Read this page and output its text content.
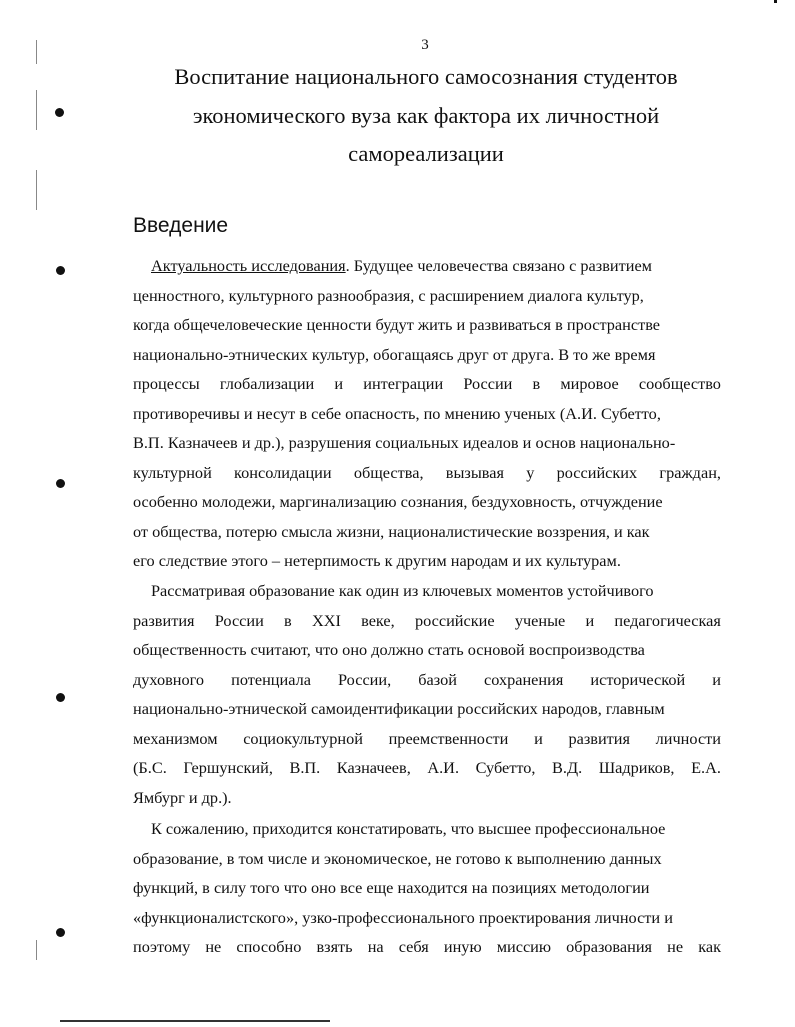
3
Воспитание национального самосознания студентов
экономического вуза как фактора их личностной
самореализации
Введение
Актуальность исследования. Будущее человечества связано с развитием
ценностного, культурного разнообразия, с расширением диалога культур,
когда общечеловеческие ценности будут жить и развиваться в пространстве
национально-этнических культур, обогащаясь друг от друга. В то же время
процессы глобализации и интеграции России в мировое сообщество
противоречивы и несут в себе опасность, по мнению ученых (А.И. Субетто,
В.П. Казначеев и др.), разрушения социальных идеалов и основ национально-
культурной консолидации общества, вызывая у российских граждан,
особенно молодежи, маргинализацию сознания, бездуховность, отчуждение
от общества, потерю смысла жизни, националистические воззрения, и как
его следствие этого – нетерпимость к другим народам и их культурам.
Рассматривая образование как один из ключевых моментов устойчивого
развития России в XXI веке, российские ученые и педагогическая
общественность считают, что оно должно стать основой воспроизводства
духовного потенциала России, базой сохранения исторической и
национально-этнической самоидентификации российских народов, главным
механизмом социокультурной преемственности и развития личности
(Б.С. Гершунский, В.П. Казначеев, А.И. Субетто, В.Д. Шадриков, Е.А.
Ямбург и др.).
К сожалению, приходится констатировать, что высшее профессиональное
образование, в том числе и экономическое, не готово к выполнению данных
функций, в силу того что оно все еще находится на позициях методологии
«функционалистского», узко-профессионального проектирования личности и
поэтому не способно взять на себя иную миссию образования не как
